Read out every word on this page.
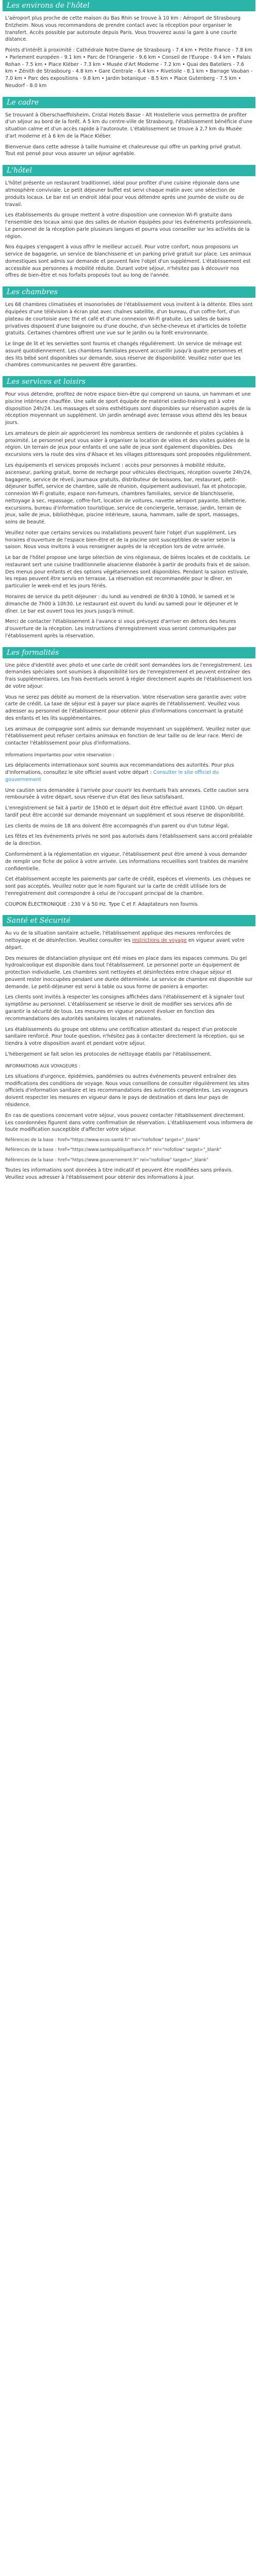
Les environs de l'hôtel

L'aéroport plus proche de cette maison du Bas Rhin se trouve à 10 km : Aéroport de Strasbourg Entzheim. Nous vous recommandons de prendre contact avec la réception pour organiser le transfert. Accès possible par autoroute depuis Paris. Vous trouverez aussi la gare à une courte distance.

Points d'intérêt à proximité : Cathédrale Notre-Dame de Strasbourg - 7.4 km • Petite France - 7.8 km • Parlement européen - 9.1 km • Parc de l'Orangerie - 9.6 km • Conseil de l'Europe - 9.4 km • Palais Rohan - 7.5 km • Place Kléber - 7.3 km • Musée d'Art Moderne - 7.2 km • Quai des Bateliers - 7.6 km • Zénith de Strasbourg - 4.8 km • Gare Centrale - 6.4 km • Rivetoile - 8.1 km • Barrage Vauban - 7.0 km • Parc des expositions - 9.8 km • Jardin botanique - 8.5 km • Place Gutenberg - 7.5 km • Neudorf - 8.0 km

Le cadre

Se trouvant à Oberschaeffolsheim, Cristal Hotels Basse - Alt Hostellerie vous permettra de profiter d'un séjour au bord de la forêt. À 5 km du centre-ville de Strasbourg, l'établissement bénéficie d'une situation calme et d'un accès rapide à l'autoroute. L'établissement se trouve à 2,7 km du Musée d'art moderne et à 6 km de la Place Kléber.

Bienvenue dans cette adresse à taille humaine et chaleureuse qui offre un parking privé gratuit. Tout est pensé pour vous assurer un séjour agréable.

L'hôtel

L'hôtel présente un restaurant traditionnel, idéal pour profiter d'une cuisine régionale dans une atmosphère conviviale. Le petit déjeuner buffet est servi chaque matin avec une sélection de produits locaux. Le bar est un endroit idéal pour vous détendre après une journée de visite ou de travail.

Les établissements du groupe mettent à votre disposition une connexion Wi-Fi gratuite dans l'ensemble des locaux ainsi que des salles de réunion équipées pour les événements professionnels. Le personnel de la réception parle plusieurs langues et pourra vous conseiller sur les activités de la région.

Nos équipes s'engagent à vous offrir le meilleur accueil. Pour votre confort, nous proposons un service de bagagerie, un service de blanchisserie et un parking privé gratuit sur place. Les animaux domestiques sont admis sur demande et peuvent faire l'objet d'un supplément. L'établissement est accessible aux personnes à mobilité réduite. Durant votre séjour, n'hésitez pas à découvrir nos offres de bien-être et nos forfaits proposés tout au long de l'année.

Les chambres

Les 68 chambres climatisées et insonorisées de l'établissement vous invitent à la détente. Elles sont équipées d'une télévision à écran plat avec chaînes satellite, d'un bureau, d'un coffre-fort, d'un plateau de courtoisie avec thé et café et d'une connexion Wi-Fi gratuite. Les salles de bains privatives disposent d'une baignoire ou d'une douche, d'un sèche-cheveux et d'articles de toilette gratuits. Certaines chambres offrent une vue sur le jardin ou la forêt environnante.

Le linge de lit et les serviettes sont fournis et changés régulièrement. Un service de ménage est assuré quotidiennement. Les chambres familiales peuvent accueillir jusqu'à quatre personnes et des lits bébé sont disponibles sur demande, sous réserve de disponibilité. Veuillez noter que les chambres communicantes ne peuvent être garanties.

Les services et loisirs

Pour vous détendre, profitez de notre espace bien-être qui comprend un sauna, un hammam et une piscine intérieure chauffée. Une salle de sport équipée de matériel cardio-training est à votre disposition 24h/24. Les massages et soins esthétiques sont disponibles sur réservation auprès de la réception moyennant un supplément. Un jardin aménagé avec terrasse vous attend dès les beaux jours.

Les amateurs de plein air apprécieront les nombreux sentiers de randonnée et pistes cyclables à proximité. Le personnel peut vous aider à organiser la location de vélos et des visites guidées de la région. Un terrain de jeux pour enfants et une salle de jeux sont également disponibles. Des excursions vers la route des vins d'Alsace et les villages pittoresques sont proposées régulièrement.

Les équipements et services proposés incluent : accès pour personnes à mobilité réduite, ascenseur, parking gratuit, borne de recharge pour véhicules électriques, réception ouverte 24h/24, bagagerie, service de réveil, journaux gratuits, distributeur de boissons, bar, restaurant, petit-déjeuner buffet, service de chambre, salle de réunion, équipement audiovisuel, fax et photocopie, connexion Wi-Fi gratuite, espace non-fumeurs, chambres familiales, service de blanchisserie, nettoyage à sec, repassage, coffre-fort, location de voitures, navette aéroport payante, billetterie, excursions, bureau d'information touristique, service de conciergerie, terrasse, jardin, terrain de jeux, salle de jeux, bibliothèque, piscine intérieure, sauna, hammam, salle de sport, massages, soins de beauté.

Veuillez noter que certains services ou installations peuvent faire l'objet d'un supplément. Les horaires d'ouverture de l'espace bien-être et de la piscine sont susceptibles de varier selon la saison. Nous vous invitons à vous renseigner auprès de la réception lors de votre arrivée.

Le bar de l'hôtel propose une large sélection de vins régionaux, de bières locales et de cocktails. Le restaurant sert une cuisine traditionnelle alsacienne élaborée à partir de produits frais et de saison. Des menus pour enfants et des options végétariennes sont disponibles. Pendant la saison estivale, les repas peuvent être servis en terrasse. La réservation est recommandée pour le dîner, en particulier le week-end et les jours fériés.

Horaires de service du petit-déjeuner : du lundi au vendredi de 6h30 à 10h00, le samedi et le dimanche de 7h00 à 10h30. Le restaurant est ouvert du lundi au samedi pour le déjeuner et le dîner. Le bar est ouvert tous les jours jusqu'à minuit.

Merci de contacter l'établissement à l'avance si vous prévoyez d'arriver en dehors des heures d'ouverture de la réception. Les instructions d'enregistrement vous seront communiquées par l'établissement après la réservation.

Les formalités

Une pièce d'identité avec photo et une carte de crédit sont demandées lors de l'enregistrement. Les demandes spéciales sont soumises à disponibilité lors de l'enregistrement et peuvent entraîner des frais supplémentaires. Les frais éventuels seront à régler directement auprès de l'établissement lors de votre séjour.

Vous ne serez pas débité au moment de la réservation. Votre réservation sera garantie avec votre carte de crédit. La taxe de séjour est à payer sur place auprès de l'établissement. Veuillez vous adresser au personnel de l'établissement pour obtenir plus d'informations concernant la gratuité des enfants et les lits supplémentaires.

Les animaux de compagnie sont admis sur demande moyennant un supplément. Veuillez noter que l'établissement peut refuser certains animaux en fonction de leur taille ou de leur race. Merci de contacter l'établissement pour plus d'informations.

Informations importantes pour votre réservation :

Les déplacements internationaux sont soumis aux recommandations des autorités. Pour plus d'informations, consultez le site officiel avant votre départ : Consulter le site officiel du gouvernement

Une caution sera demandée à l'arrivée pour couvrir les éventuels frais annexes. Cette caution sera remboursée à votre départ, sous réserve d'un état des lieux satisfaisant.

L'enregistrement se fait à partir de 15h00 et le départ doit être effectué avant 11h00. Un départ tardif peut être accordé sur demande moyennant un supplément et sous réserve de disponibilité.

Les clients de moins de 18 ans doivent être accompagnés d'un parent ou d'un tuteur légal.

Les fêtes et les événements privés ne sont pas autorisés dans l'établissement sans accord préalable de la direction.

Conformément à la réglementation en vigueur, l'établissement peut être amené à vous demander de remplir une fiche de police à votre arrivée. Les informations recueillies sont traitées de manière confidentielle.

Cet établissement accepte les paiements par carte de crédit, espèces et virements. Les chèques ne sont pas acceptés. Veuillez noter que le nom figurant sur la carte de crédit utilisée lors de l'enregistrement doit correspondre à celui de l'occupant principal de la chambre.

COUPON ÉLECTRONIQUE : 230 V à 50 Hz. Type C et F. Adaptateurs non fournis.

Santé et Sécurité

Au vu de la situation sanitaire actuelle, l'établissement applique des mesures renforcées de nettoyage et de désinfection. Veuillez consulter les restrictions de voyage en vigueur avant votre départ.

Des mesures de distanciation physique ont été mises en place dans les espaces communs. Du gel hydroalcoolique est disponible dans tout l'établissement. Le personnel porte un équipement de protection individuelle. Les chambres sont nettoyées et désinfectées entre chaque séjour et peuvent rester inoccupées pendant une durée déterminée. Le service de chambre est disponible sur demande. Le petit-déjeuner est servi à table ou sous forme de paniers à emporter.

Les clients sont invités à respecter les consignes affichées dans l'établissement et à signaler tout symptôme au personnel. L'établissement se réserve le droit de modifier ses services afin de garantir la sécurité de tous. Les mesures en vigueur peuvent évoluer en fonction des recommandations des autorités sanitaires locales et nationales.

Les établissements du groupe ont obtenu une certification attestant du respect d'un protocole sanitaire renforcé. Pour toute question, n'hésitez pas à contacter directement la réception, qui se tiendra à votre disposition avant et pendant votre séjour.

L'hébergement se fait selon les protocoles de nettoyage établis par l'établissement.

INFORMATIONS AUX VOYAGEURS :

Les situations d'urgence, épidémies, pandémies ou autres événements peuvent entraîner des modifications des conditions de voyage. Nous vous conseillons de consulter régulièrement les sites officiels d'information sanitaire et les recommandations des autorités compétentes. Les voyageurs doivent respecter les mesures en vigueur dans le pays de destination et dans leur pays de résidence.

En cas de questions concernant votre séjour, vous pouvez contacter l'établissement directement. Les coordonnées figurent dans votre confirmation de réservation. L'établissement vous informera de toute modification susceptible d'affecter votre séjour.

Références de la base : href="https://www.ecos-santé.fr" rel="nofollow" target="_blank"

Références de la base : href="https://www.santepubliquefrance.fr" rel="nofollow" target="_blank"

Références de la base : href="https://www.gouvernement.fr" rel="nofollow" target="_blank"

Toutes les informations sont données à titre indicatif et peuvent être modifiées sans préavis. Veuillez vous adresser à l'établissement pour obtenir des informations à jour.
